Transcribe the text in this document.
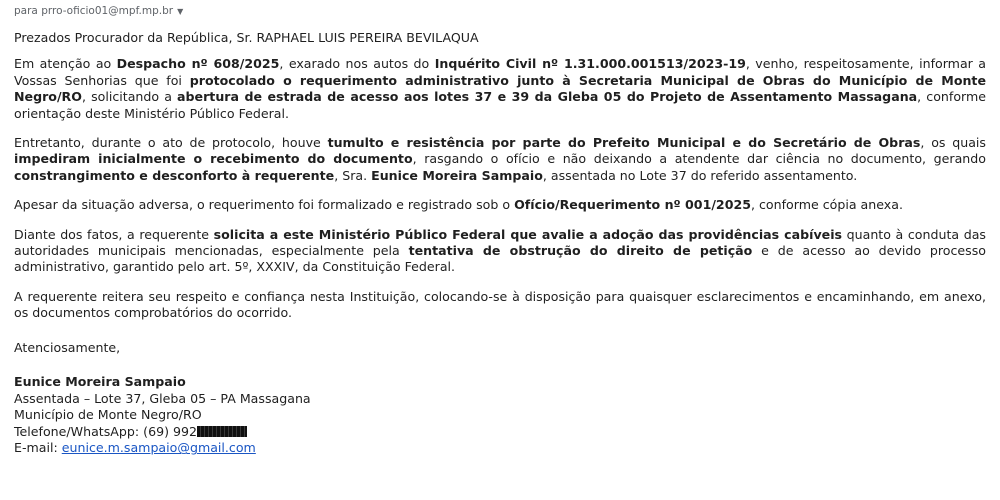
para prro-oficio01@mpf.mp.br ▼

Prezados Procurador da República, Sr. RAPHAEL LUIS PEREIRA BEVILAQUA

Em atenção ao Despacho nº 608/2025, exarado nos autos do Inquérito Civil nº 1.31.000.001513/2023-19, venho, respeitosamente, informar a Vossas Senhorias que foi protocolado o requerimento administrativo junto à Secretaria Municipal de Obras do Município de Monte Negro/RO, solicitando a abertura de estrada de acesso aos lotes 37 e 39 da Gleba 05 do Projeto de Assentamento Massagana, conforme orientação deste Ministério Público Federal.

Entretanto, durante o ato de protocolo, houve tumulto e resistência por parte do Prefeito Municipal e do Secretário de Obras, os quais impediram inicialmente o recebimento do documento, rasgando o ofício e não deixando a atendente dar ciência no documento, gerando constrangimento e desconforto à requerente, Sra. Eunice Moreira Sampaio, assentada no Lote 37 do referido assentamento.

Apesar da situação adversa, o requerimento foi formalizado e registrado sob o Ofício/Requerimento nº 001/2025, conforme cópia anexa.

Diante dos fatos, a requerente solicita a este Ministério Público Federal que avalie a adoção das providências cabíveis quanto à conduta das autoridades municipais mencionadas, especialmente pela tentativa de obstrução do direito de petição e de acesso ao devido processo administrativo, garantido pelo art. 5º, XXXIV, da Constituição Federal.

A requerente reitera seu respeito e confiança nesta Instituição, colocando-se à disposição para quaisquer esclarecimentos e encaminhando, em anexo, os documentos comprobatórios do ocorrido.

Atenciosamente,

Eunice Moreira Sampaio
Assentada – Lote 37, Gleba 05 – PA Massagana
Município de Monte Negro/RO
Telefone/WhatsApp: (69) 992
E-mail: eunice.m.sampaio@gmail.com
